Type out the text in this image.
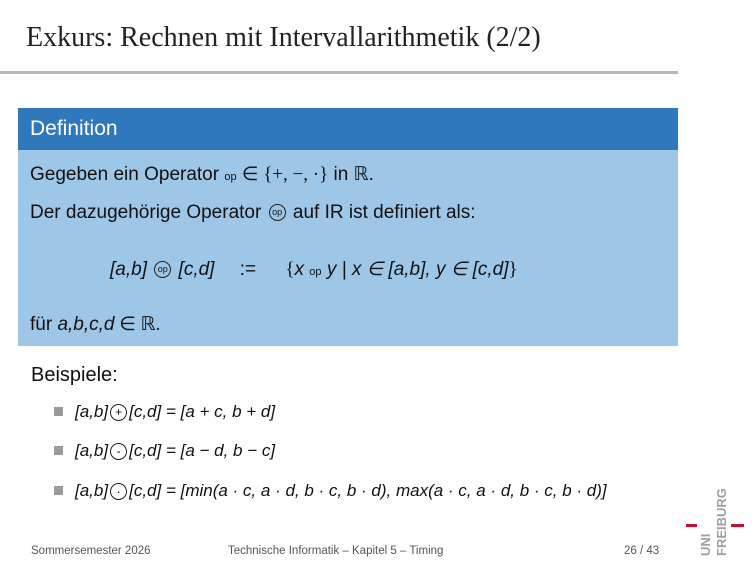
Exkurs: Rechnen mit Intervallarithmetik (2/2)
Definition
Gegeben ein Operator op ∈ {+, −, ·} in ℝ.
Der dazugehörige Operator op auf IR ist definiert als:
[a,b] op [c,d] := {x op y | x ∈ [a,b], y ∈ [c,d]}
für a,b,c,d ∈ ℝ.
Beispiele:
[a,b] + [c,d] = [a + c, b + d]
[a,b] - [c,d] = [a − d, b − c]
[a,b] · [c,d] = [min(a · c, a · d, b · c, b · d), max(a · c, a · d, b · c, b · d)]
Sommersemester 2026	Technische Informatik – Kapitel 5 – Timing	26 / 43	UNI FREIBURG
